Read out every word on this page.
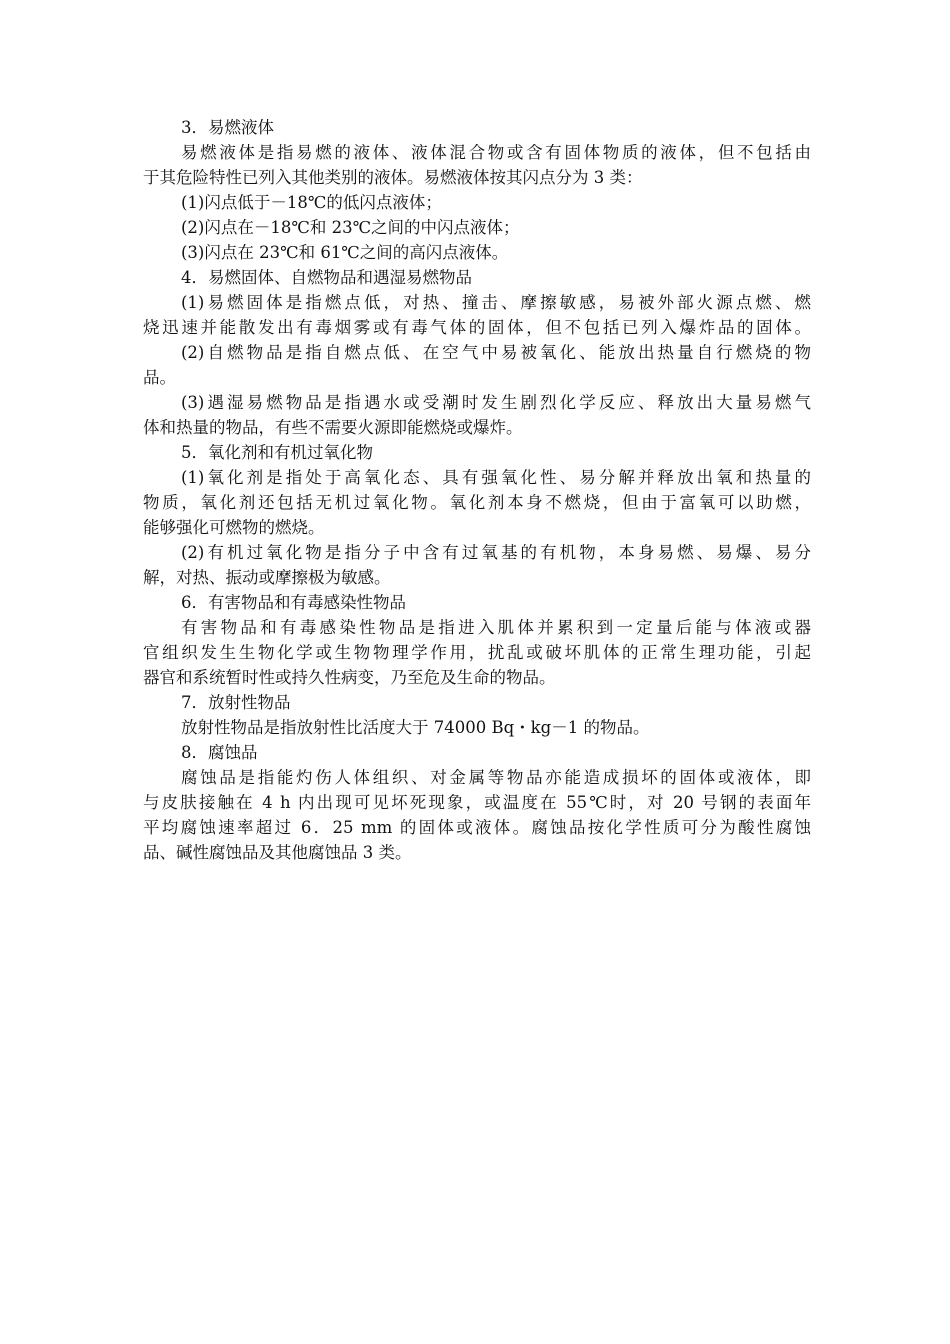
3．易燃液体
易燃液体是指易燃的液体、液体混合物或含有固体物质的液体，但不包括由
于其危险特性已列入其他类别的液体。易燃液体按其闪点分为 3 类：
(1)闪点低于－18℃的低闪点液体；
(2)闪点在－18℃和 23℃之间的中闪点液体；
(3)闪点在 23℃和 61℃之间的高闪点液体。
4．易燃固体、自燃物品和遇湿易燃物品
(1)易燃固体是指燃点低，对热、撞击、摩擦敏感，易被外部火源点燃、燃
烧迅速并能散发出有毒烟雾或有毒气体的固体，但不包括已列入爆炸品的固体。
(2)自燃物品是指自燃点低、在空气中易被氧化、能放出热量自行燃烧的物
品。
(3)遇湿易燃物品是指遇水或受潮时发生剧烈化学反应、释放出大量易燃气
体和热量的物品，有些不需要火源即能燃烧或爆炸。
5．氧化剂和有机过氧化物
(1)氧化剂是指处于高氧化态、具有强氧化性、易分解并释放出氧和热量的
物质，氧化剂还包括无机过氧化物。氧化剂本身不燃烧，但由于富氧可以助燃，
能够强化可燃物的燃烧。
(2)有机过氧化物是指分子中含有过氧基的有机物，本身易燃、易爆、易分
解，对热、振动或摩擦极为敏感。
6．有害物品和有毒感染性物品
有害物品和有毒感染性物品是指进入肌体并累积到一定量后能与体液或器
官组织发生生物化学或生物物理学作用，扰乱或破坏肌体的正常生理功能，引起
器官和系统暂时性或持久性病变，乃至危及生命的物品。
7．放射性物品
放射性物品是指放射性比活度大于 74000 Bq・kg－1 的物品。
8．腐蚀品
腐蚀品是指能灼伤人体组织、对金属等物品亦能造成损坏的固体或液体，即
与皮肤接触在 4 h 内出现可见坏死现象，或温度在 55℃时，对 20 号钢的表面年
平均腐蚀速率超过 6．25 mm 的固体或液体。腐蚀品按化学性质可分为酸性腐蚀
品、碱性腐蚀品及其他腐蚀品 3 类。
